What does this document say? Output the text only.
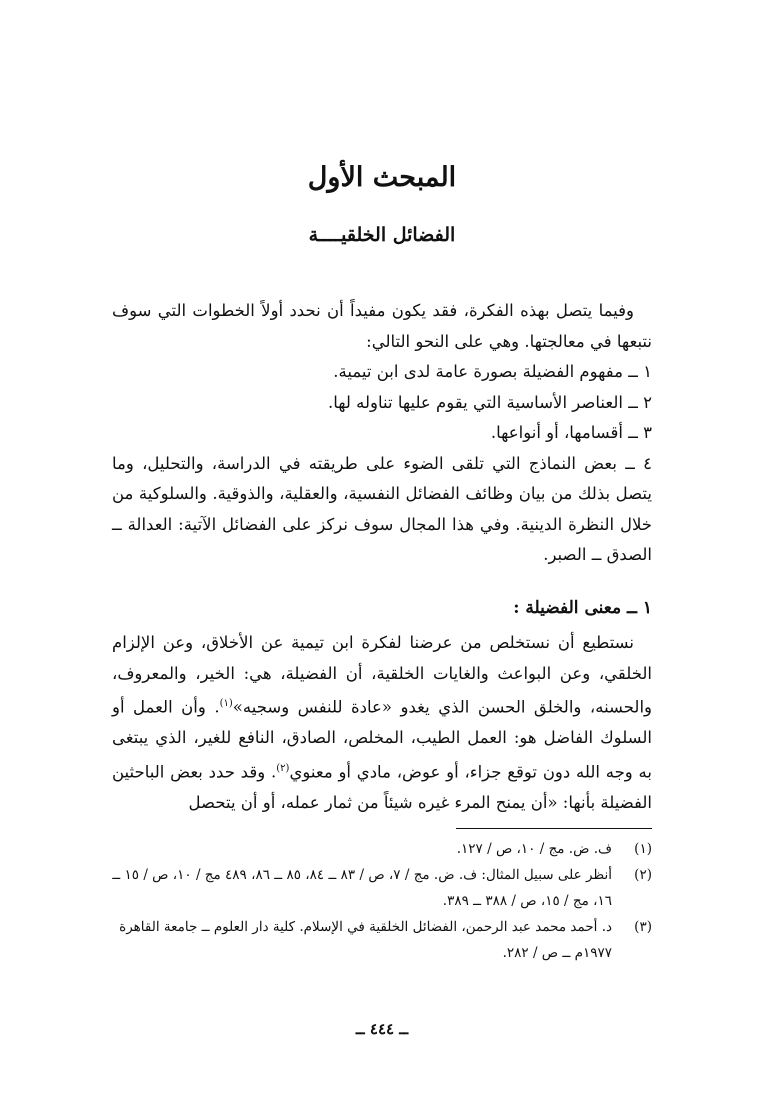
المبحث الأول
الفضائل الخلقيــــة

وفيما يتصل بهذه الفكرة، فقد يكون مفيداً أن نحدد أولاً الخطوات التي سوف نتبعها في معالجتها. وهي على النحو التالي:

١ ــ مفهوم الفضيلة بصورة عامة لدى ابن تيمية.

٢ ــ العناصر الأساسية التي يقوم عليها تناوله لها.

٣ ــ أقسامها، أو أنواعها.

٤ ــ بعض النماذج التي تلقى الضوء على طريقته في الدراسة، والتحليل، وما يتصل بذلك من بيان وظائف الفضائل النفسية، والعقلية، والذوقية. والسلوكية من خلال النظرة الدينية. وفي هذا المجال سوف نركز على الفضائل الآتية: العدالة ــ الصدق ــ الصبر.

١ ــ معنى الفضيلة :

نستطيع أن نستخلص من عرضنا لفكرة ابن تيمية عن الأخلاق، وعن الإلزام الخلقي، وعن البواعث والغايات الخلقية، أن الفضيلة، هي: الخير، والمعروف، والحسنه، والخلق الحسن الذي يغدو «عادة للنفس وسجيه»$^{(١)}$. وأن العمل أو السلوك الفاضل هو: العمل الطيب، المخلص، الصادق، النافع للغير، الذي يبتغى به وجه الله دون توقع جزاء، أو عوض، مادي أو معنوي$^{(٢)}$. وقد حدد بعض الباحثين الفضيلة بأنها: «أن يمنح المرء غيره شيئاً من ثمار عمله، أو أن يتحصل

(١)
ف. ض. مج / ١٠، ص / ١٢٧.
(٢)
أنظر على سبيل المثال: ف. ض. مج / ٧، ص / ٨٣ ــ ٨٤، ٨٥ ــ ٨٦، ٤٨٩ مج / ١٠، ص / ١٥ ــ ١٦، مج / ١٥، ص / ٣٨٨ ــ ٣٨٩.
(٣)
د. أحمد محمد عبد الرحمن، الفضائل الخلقية في الإسلام. كلية دار العلوم ــ جامعة القاهرة ١٩٧٧م ــ ص / ٢٨٢.
ــ ٤٤٤ ــ
